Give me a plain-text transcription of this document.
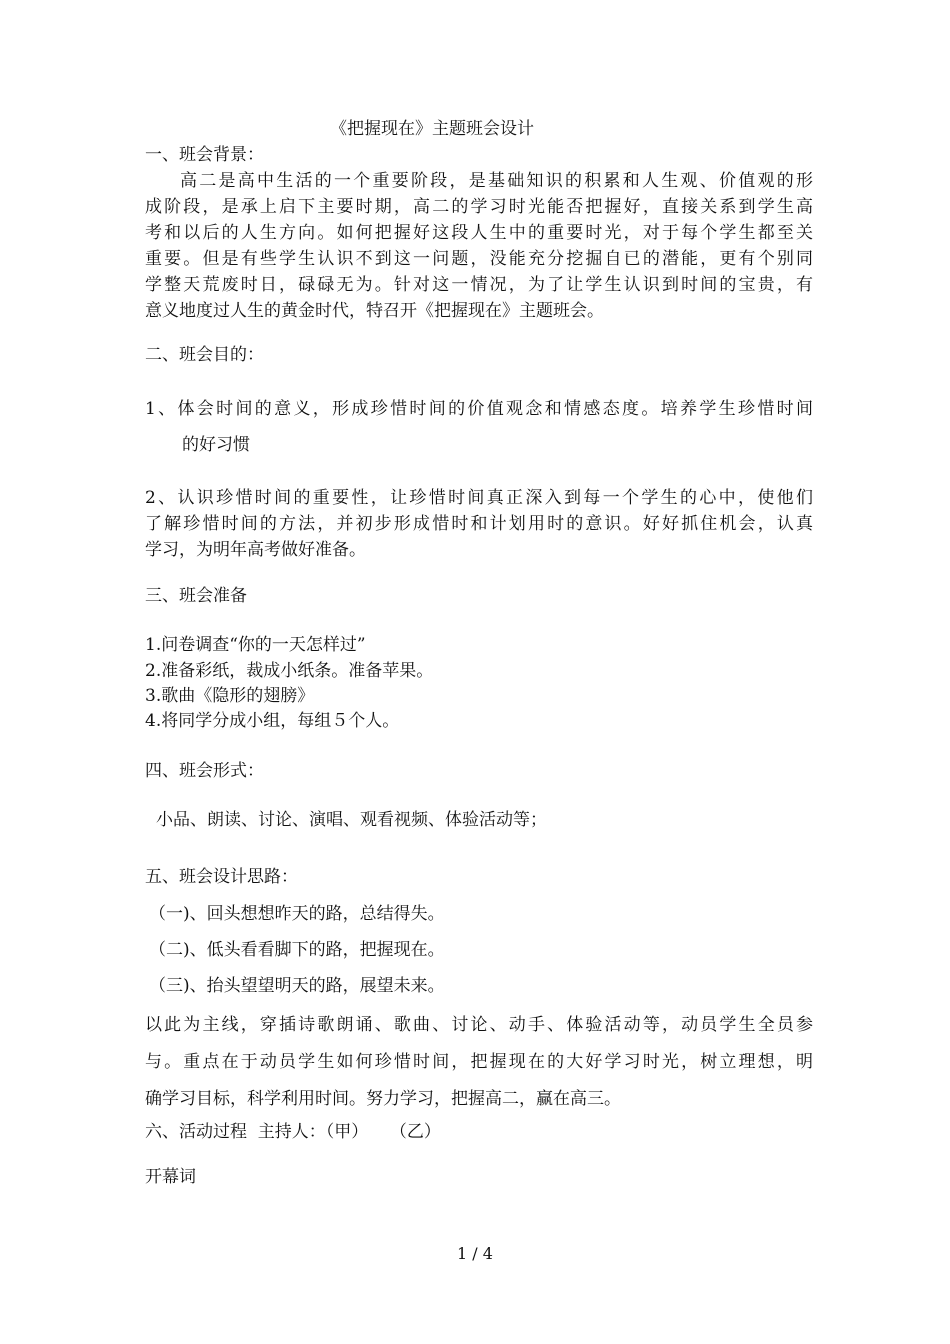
《把握现在》主题班会设计
一、班会背景：
高二是高中生活的一个重要阶段，是基础知识的积累和人生观、价值观的形
成阶段，是承上启下主要时期，高二的学习时光能否把握好，直接关系到学生高
考和以后的人生方向。如何把握好这段人生中的重要时光，对于每个学生都至关
重要。但是有些学生认识不到这一问题，没能充分挖掘自已的潜能，更有个别同
学整天荒废时日，碌碌无为。针对这一情况，为了让学生认识到时间的宝贵，有
意义地度过人生的黄金时代，特召开《把握现在》主题班会。
二、班会目的：
1、体会时间的意义，形成珍惜时间的价值观念和情感态度。培养学生珍惜时间
的好习惯
2、认识珍惜时间的重要性，让珍惜时间真正深入到每一个学生的心中，使他们
了解珍惜时间的方法，并初步形成惜时和计划用时的意识。好好抓住机会，认真
学习，为明年高考做好准备。
三、班会准备
1.问卷调查“你的一天怎样过”
2.准备彩纸，裁成小纸条。准备苹果。
3.歌曲《隐形的翅膀》
4.将同学分成小组，每组５个人。
四、班会形式：
小品、朗读、讨论、演唱、观看视频、体验活动等；
五、班会设计思路：
（一)、回头想想昨天的路，总结得失。
（二)、低头看看脚下的路，把握现在。
（三)、抬头望望明天的路，展望未来。
以此为主线，穿插诗歌朗诵、歌曲、讨论、动手、体验活动等，动员学生全员参
与。重点在于动员学生如何珍惜时间，把握现在的大好学习时光，树立理想，明
确学习目标，科学利用时间。努力学习，把握高二，赢在高三。
六、活动过程  主持人：（甲）    （乙）
开幕词
1 / 4
